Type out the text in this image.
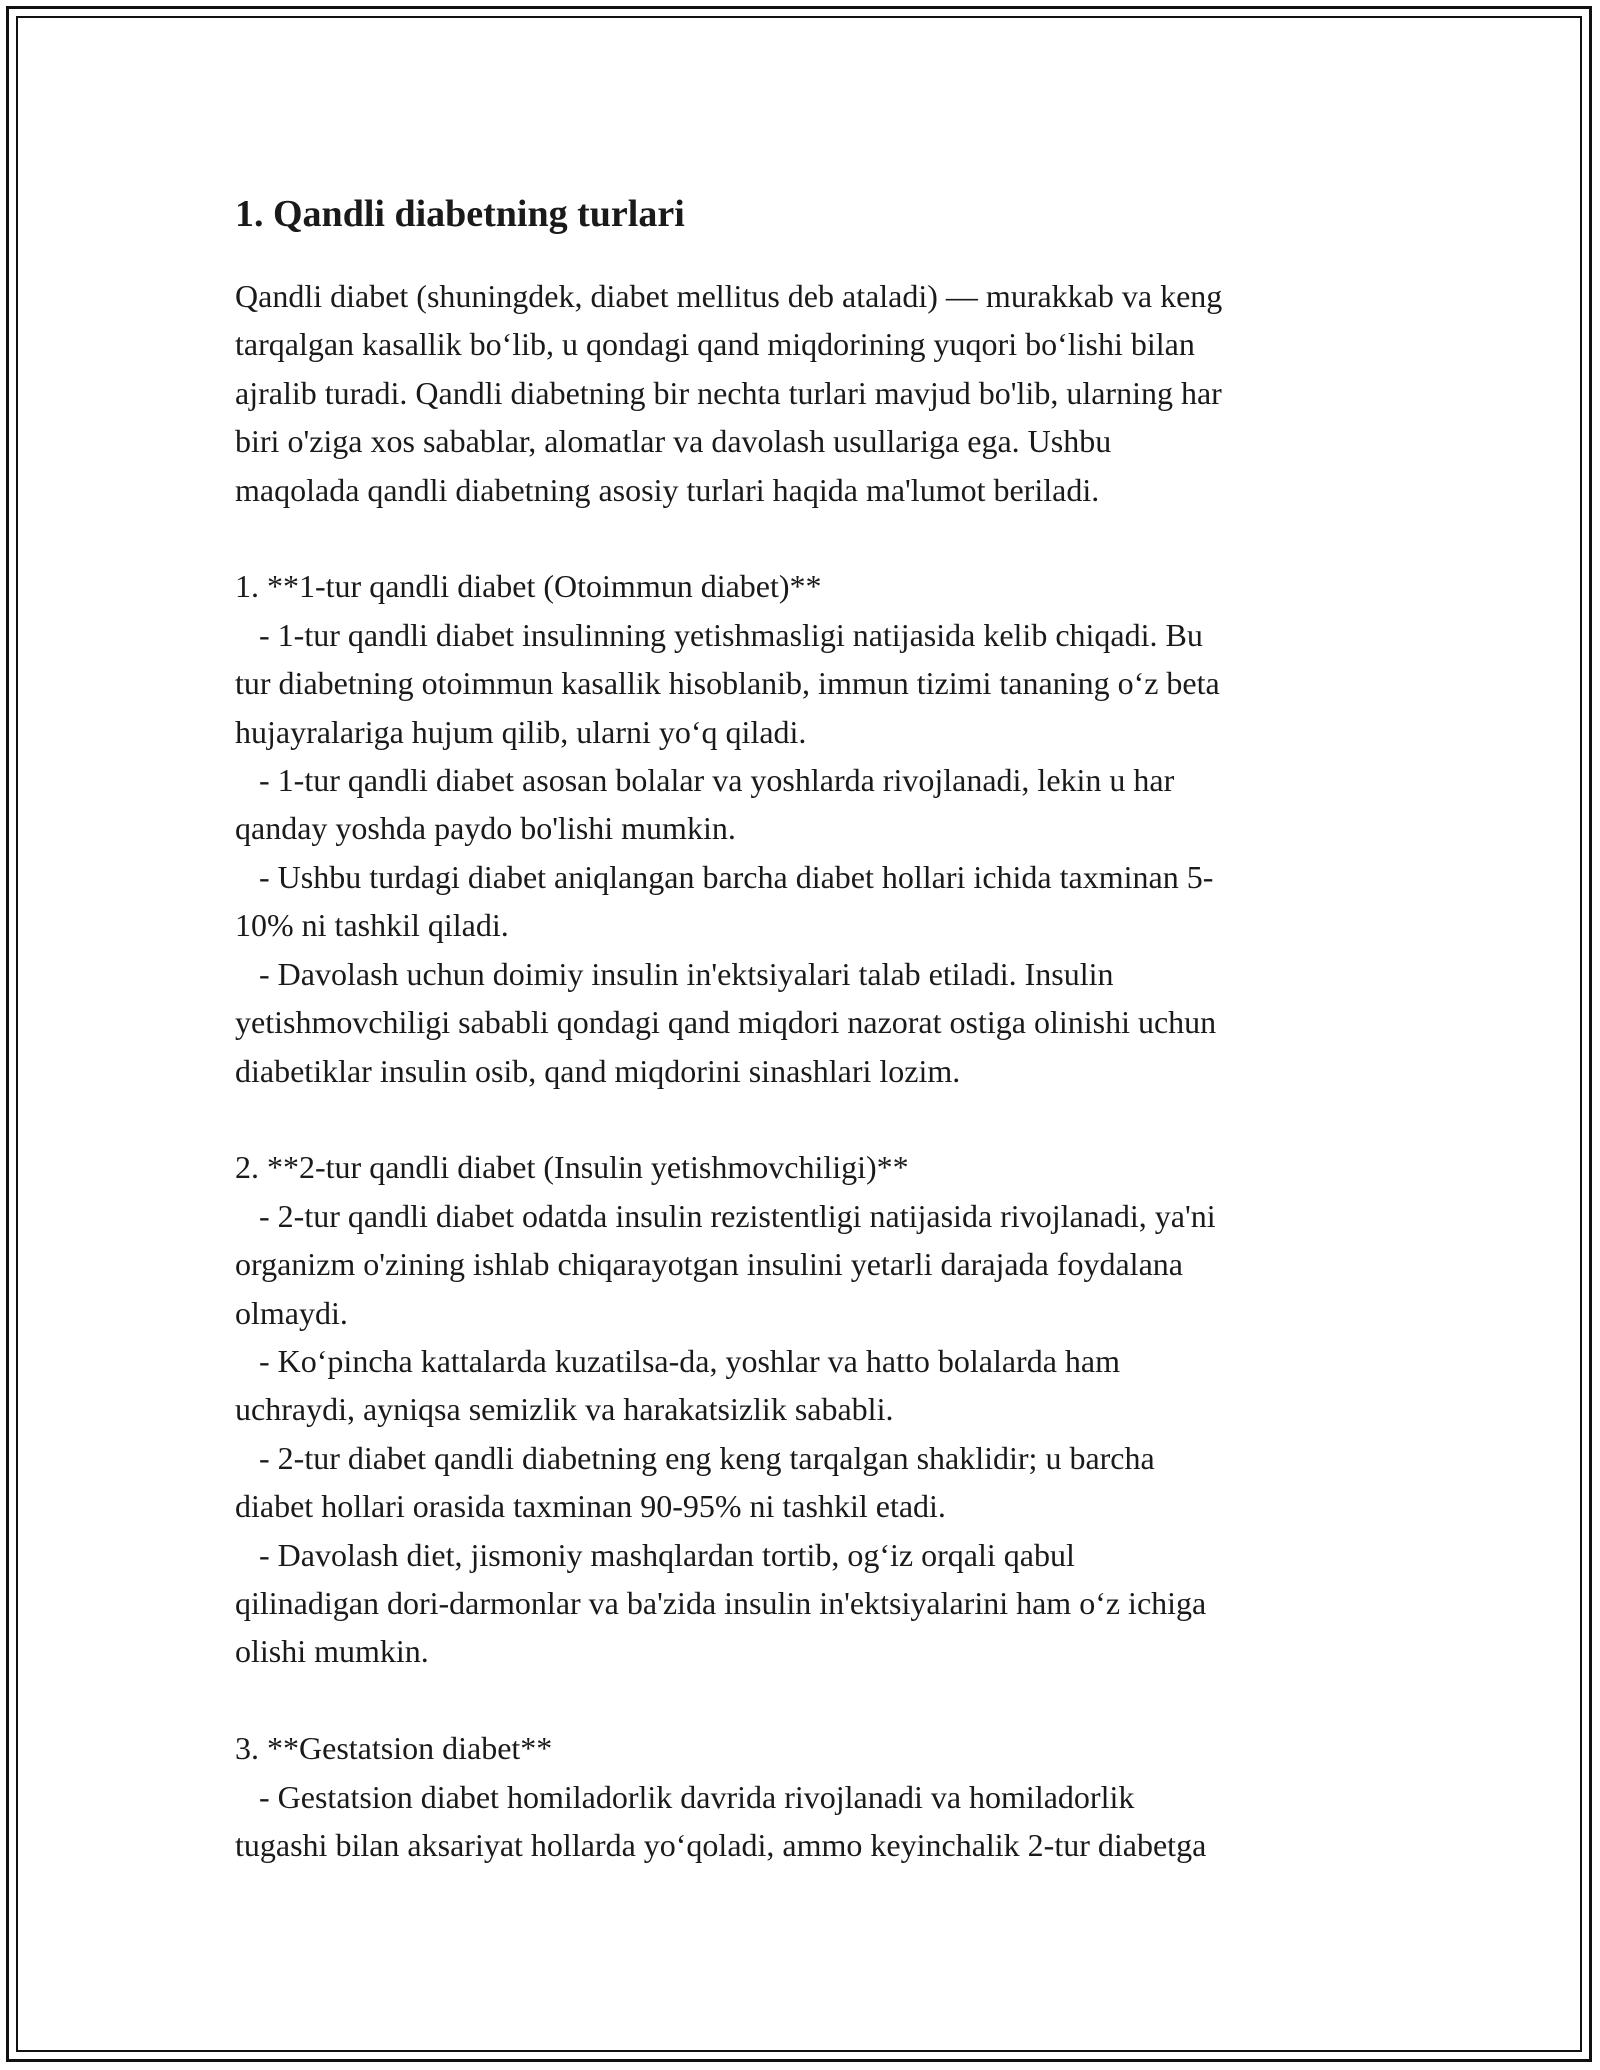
1. Qandli diabetning turlari

Qandli diabet (shuningdek, diabet mellitus deb ataladi) — murakkab va keng
tarqalgan kasallik bo‘lib, u qondagi qand miqdorining yuqori bo‘lishi bilan
ajralib turadi. Qandli diabetning bir nechta turlari mavjud bo'lib, ularning har
biri o'ziga xos sabablar, alomatlar va davolash usullariga ega. Ushbu
maqolada qandli diabetning asosiy turlari haqida ma'lumot beriladi.

1. **1-tur qandli diabet (Otoimmun diabet)**
- 1-tur qandli diabet insulinning yetishmasligi natijasida kelib chiqadi. Bu
tur diabetning otoimmun kasallik hisoblanib, immun tizimi tananing o‘z beta
hujayralariga hujum qilib, ularni yo‘q qiladi.
- 1-tur qandli diabet asosan bolalar va yoshlarda rivojlanadi, lekin u har
qanday yoshda paydo bo'lishi mumkin.
- Ushbu turdagi diabet aniqlangan barcha diabet hollari ichida taxminan 5-
10% ni tashkil qiladi.
- Davolash uchun doimiy insulin in'ektsiyalari talab etiladi. Insulin
yetishmovchiligi sababli qondagi qand miqdori nazorat ostiga olinishi uchun
diabetiklar insulin osib, qand miqdorini sinashlari lozim.

2. **2-tur qandli diabet (Insulin yetishmovchiligi)**
- 2-tur qandli diabet odatda insulin rezistentligi natijasida rivojlanadi, ya'ni
organizm o'zining ishlab chiqarayotgan insulini yetarli darajada foydalana
olmaydi.
- Ko‘pincha kattalarda kuzatilsa-da, yoshlar va hatto bolalarda ham
uchraydi, ayniqsa semizlik va harakatsizlik sababli.
- 2-tur diabet qandli diabetning eng keng tarqalgan shaklidir; u barcha
diabet hollari orasida taxminan 90-95% ni tashkil etadi.
- Davolash diet, jismoniy mashqlardan tortib, og‘iz orqali qabul
qilinadigan dori-darmonlar va ba'zida insulin in'ektsiyalarini ham o‘z ichiga
olishi mumkin.

3. **Gestatsion diabet**
- Gestatsion diabet homiladorlik davrida rivojlanadi va homiladorlik
tugashi bilan aksariyat hollarda yo‘qoladi, ammo keyinchalik 2-tur diabetga
